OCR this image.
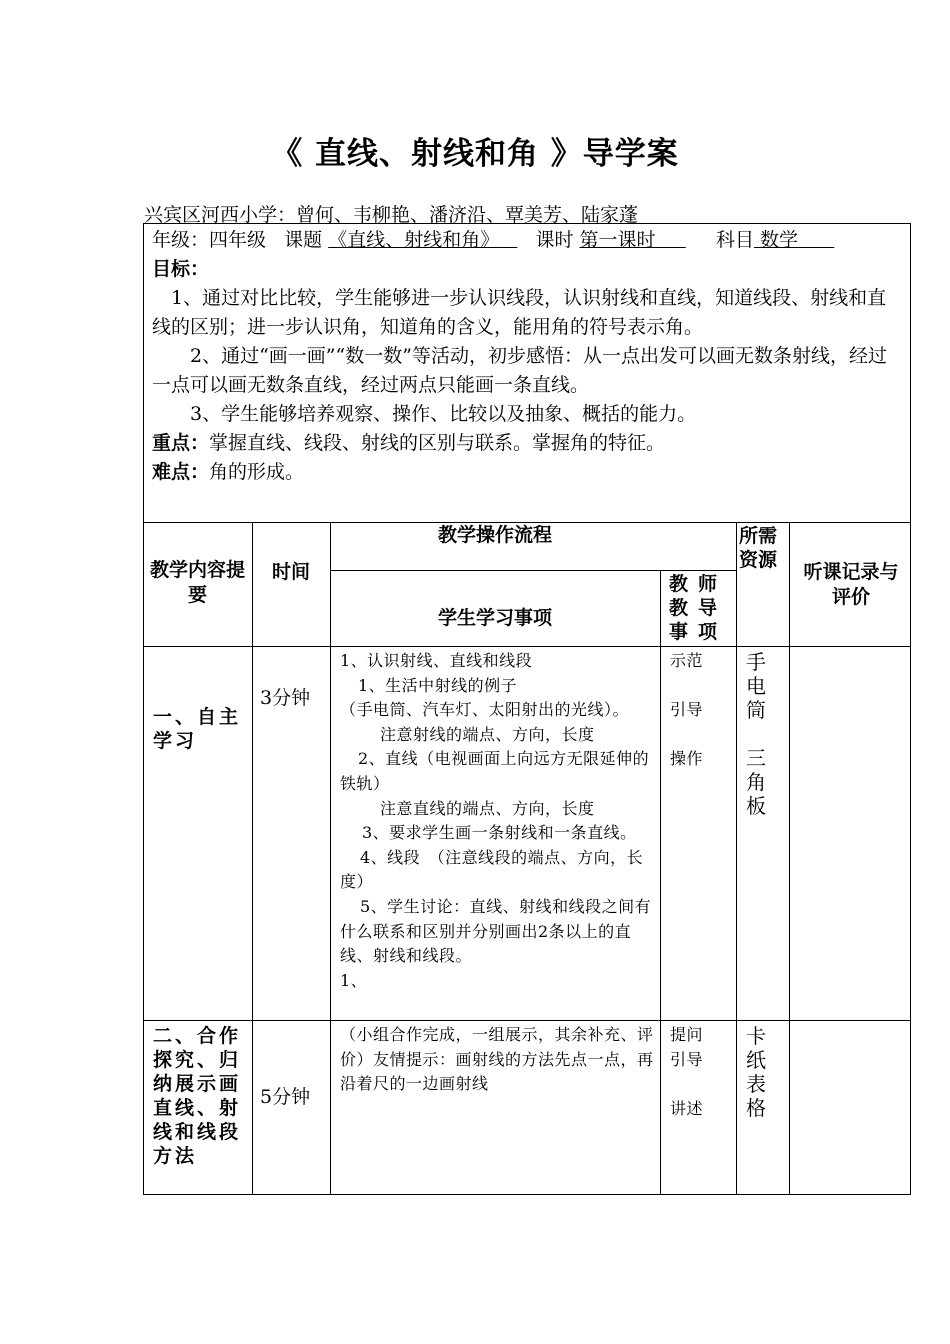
《 直线、射线和角 》导学案
兴宾区河西小学：曾何、韦柳艳、潘济沿、覃美芳、陆家蓬

年级：四年级 课题 《直线、射线和角》 课时 第一课时	科目 数学

目标：

1、通过对比比较，学生能够进一步认识线段，认识射线和直线，知道线段、射线和直线的区别；进一步认识角，知道角的含义，能用角的符号表示角。

2、通过“画一画”“数一数”等活动，初步感悟：从一点出发可以画无数条射线，经过一点可以画无数条直线，经过两点只能画一条直线。

3、学生能够培养观察、操作、比较以及抽象、概括的能力。

重点：掌握直线、线段、射线的区别与联系。掌握角的特征。

难点：角的形成。

教学内容提要
时间
教学操作流程
学生学习事项
教师教导事项
所需资源
听课记录与评价
一、自主学习
3分钟
1、认识射线、直线和线段
1、生活中射线的例子
（手电筒、汽车灯、太阳射出的光线）。
注意射线的端点、方向，长度
2、直线（电视画面上向远方无限延伸的铁轨）
注意直线的端点、方向，长度
3、要求学生画一条射线和一条直线。
4、线段　（注意线段的端点、方向，长度）
5、学生讨论：直线、射线和线段之间有什么联系和区别并分别画出2条以上的直线、射线和线段。
1、
示范
引导
操作
手电筒
三角板
二、合作探究、归纳展示画直线、射线和线段方法
5分钟
（小组合作完成，一组展示，其余补充、评价）友情提示：画射线的方法先点一点，再沿着尺的一边画射线
提问
引导
讲述
卡纸表格
